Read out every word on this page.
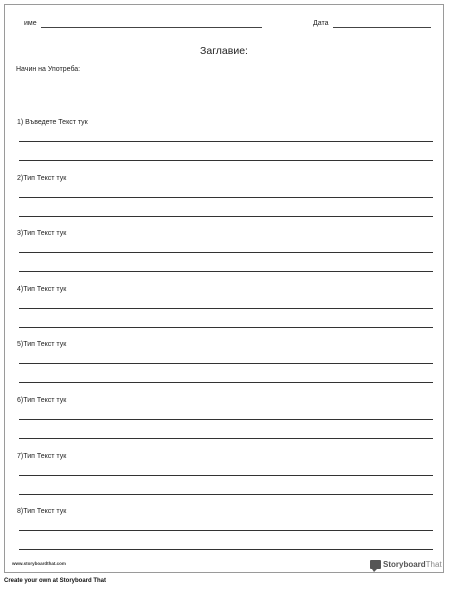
име	Дата
Заглавие:
Начин на Употреба:
1) Въведете Текст тук
2)Тип Текст тук
3)Тип Текст тук
4)Тип Текст тук
5)Тип Текст тук
6)Тип Текст тук
7)Тип Текст тук
8)Тип Текст тук
www.storyboardthat.com	Storyboard That
Create your own at Storyboard That
